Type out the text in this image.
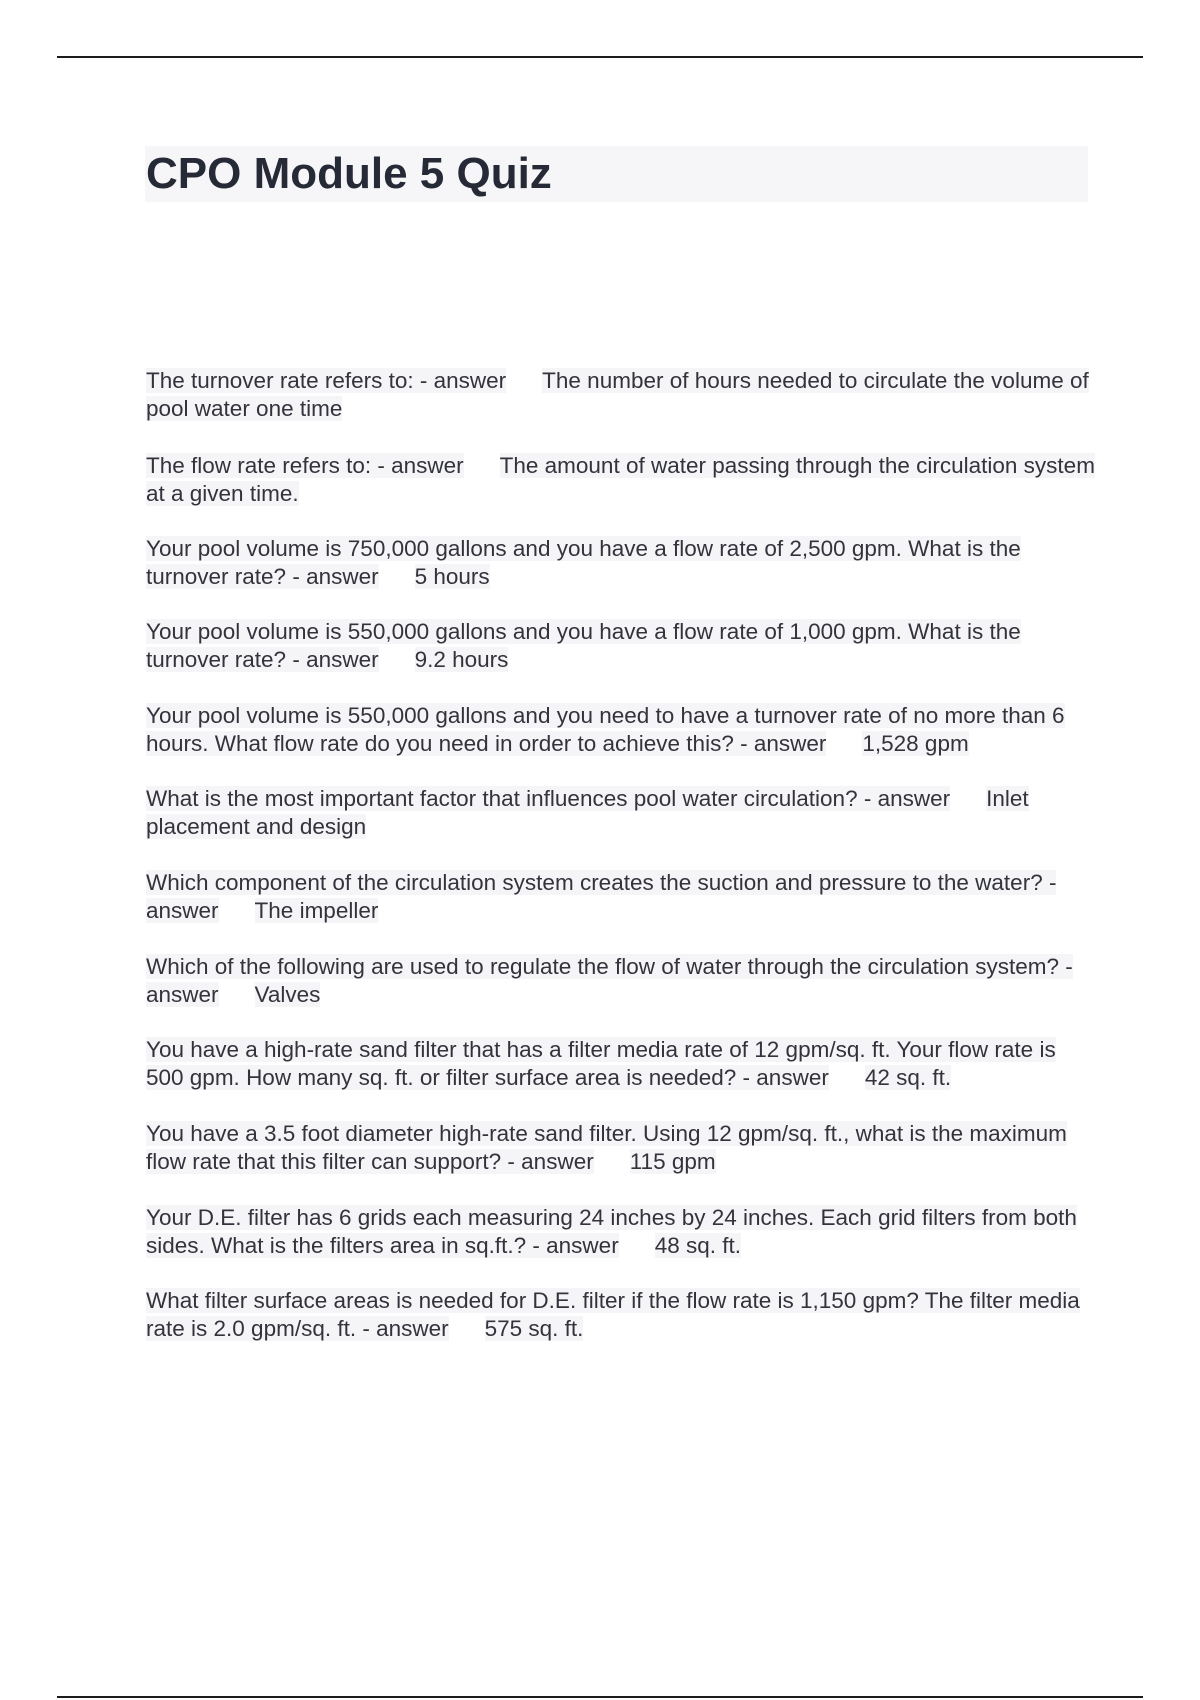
CPO Module 5 Quiz
The turnover rate refers to: - answer The number of hours needed to circulate the volume of pool water one time
The flow rate refers to: - answer The amount of water passing through the circulation system at a given time.
Your pool volume is 750,000 gallons and you have a flow rate of 2,500 gpm. What is the turnover rate? - answer 5 hours
Your pool volume is 550,000 gallons and you have a flow rate of 1,000 gpm. What is the turnover rate? - answer 9.2 hours
Your pool volume is 550,000 gallons and you need to have a turnover rate of no more than 6 hours. What flow rate do you need in order to achieve this? - answer 1,528 gpm
What is the most important factor that influences pool water circulation? - answer Inlet placement and design
Which component of the circulation system creates the suction and pressure to the water? - answer The impeller
Which of the following are used to regulate the flow of water through the circulation system? - answer Valves
You have a high-rate sand filter that has a filter media rate of 12 gpm/sq. ft. Your flow rate is 500 gpm. How many sq. ft. or filter surface area is needed? - answer 42 sq. ft.
You have a 3.5 foot diameter high-rate sand filter. Using 12 gpm/sq. ft., what is the maximum flow rate that this filter can support? - answer 115 gpm
Your D.E. filter has 6 grids each measuring 24 inches by 24 inches. Each grid filters from both sides. What is the filters area in sq.ft.? - answer 48 sq. ft.
What filter surface areas is needed for D.E. filter if the flow rate is 1,150 gpm? The filter media rate is 2.0 gpm/sq. ft. - answer 575 sq. ft.
